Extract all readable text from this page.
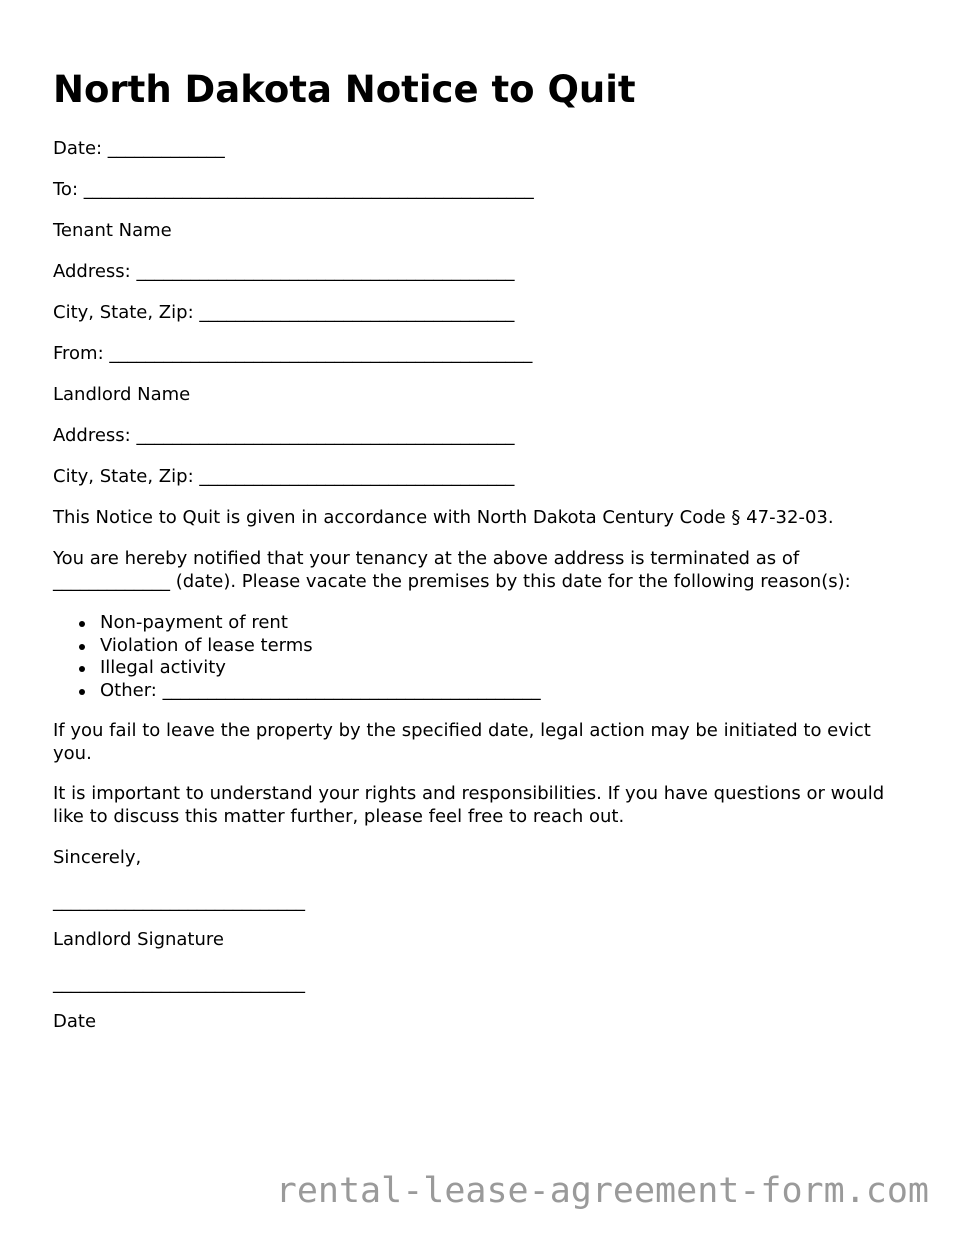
North Dakota Notice to Quit

Date: _____________

To: __________________________________________________

Tenant Name

Address: __________________________________________

City, State, Zip: ___________________________________

From: _______________________________________________

Landlord Name

Address: __________________________________________

City, State, Zip: ___________________________________

This Notice to Quit is given in accordance with North Dakota Century Code § 47-32-03.

You are hereby notified that your tenancy at the above address is terminated as of _____________ (date). Please vacate the premises by this date for the following reason(s):

Non-payment of rent
Violation of lease terms
Illegal activity
Other: __________________________________________

If you fail to leave the property by the specified date, legal action may be initiated to evict you.

It is important to understand your rights and responsibilities. If you have questions or would like to discuss this matter further, please feel free to reach out.

Sincerely,

____________________________

Landlord Signature

____________________________

Date

rental-lease-agreement-form.com
